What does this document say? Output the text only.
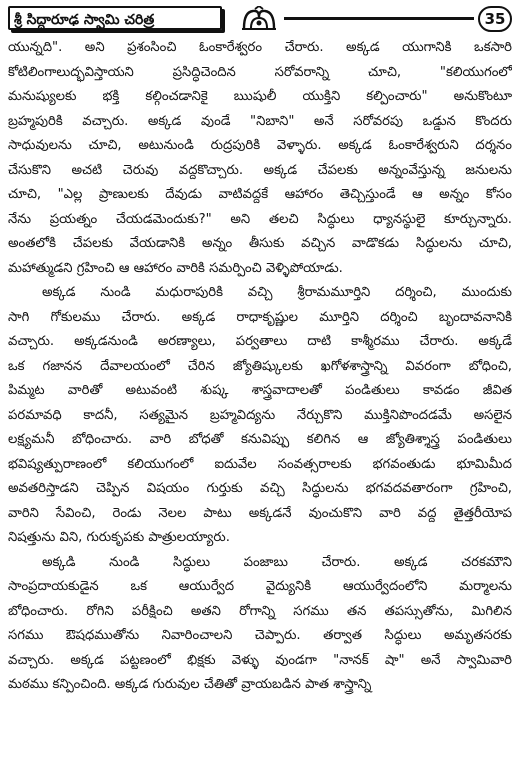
శ్రీ సిద్ధారూఢ స్వామి చరిత్ర	35
యున్నది". అని ప్రశంసించి ఓంకారేశ్వరం చేరారు. అక్కడ యుగానికి ఒకసారి
కోటిలింగాలుద్భవిస్తాయని ప్రసిద్ధిచెందిన సరోవరాన్ని చూచి, "కలియుగంలో
మనుష్యులకు భక్తి కల్గించడానికై ఋషులీ యుక్తిని కల్పించారు" అనుకొంటూ
బ్రహ్మపురికి వచ్చారు. అక్కడ వుండే "నిబాని" అనే సరోవరపు ఒడ్డున కొందరు
సాధువులను చూచి, అటునుండి రుద్రపురికి వెళ్ళారు. అక్కడ ఓంకారేశ్వరుని దర్శనం
చేసుకొని అచటి చెరువు వద్దకొచ్చారు. అక్కడ చేపలకు అన్నంవేస్తున్న జనులను
చూచి, "ఎల్ల ప్రాణులకు దేవుడు వాటివద్దకే ఆహారం తెచ్చిస్తుండే ఆ అన్నం కోసం
నేను ప్రయత్నం చేయడమెందుకు?" అని తలచి సిద్ధులు ధ్యానస్థులై కూర్చున్నారు.
అంతలోకి చేపలకు వేయడానికి అన్నం తీసుకు వచ్చిన వాడొకడు సిద్ధులను చూచి,
మహాత్ముడని గ్రహించి ఆ ఆహారం వారికి సమర్పించి వెళ్ళిపోయాడు.
అక్కడ నుండి మధురాపురికి వచ్చి శ్రీరామమూర్తిని దర్శించి, ముందుకు
సాగి గోకులము చేరారు. అక్కడ రాధాకృష్ణుల మూర్తిని దర్శించి బృందావనానికి
వచ్చారు. అక్కడనుండి అరణ్యాలు, పర్వతాలు దాటి కాశ్మీరము చేరారు. అక్కడే
ఒక గజానన దేవాలయంలో చేరిన జ్యోతిష్కులకు ఖగోళశాస్త్రాన్ని వివరంగా బోధించి,
పిమ్మట వారితో అటువంటి శుష్క శాస్త్రవాదాలతో పండితులు కావడం జీవిత
పరమావధి కాదనీ, సత్యమైన బ్రహ్మవిద్యను నేర్చుకొని ముక్తినిపొందడమే అసలైన
లక్ష్యమనీ బోధించారు. వారి బోధతో కనువిప్పు కలిగిన ఆ జ్యోతిశ్శాస్త్ర పండితులు
భవిష్యత్పురాణంలో కలియుగంలో ఐదువేల సంవత్సరాలకు భగవంతుడు భూమిమీద
అవతరిస్తాడని చెప్పిన విషయం గుర్తుకు వచ్చి సిద్ధులను భగవదవతారంగా గ్రహించి,
వారిని సేవించి, రెండు నెలల పాటు అక్కడనే వుంచుకొని వారి వద్ద తైత్తరీయోప
నిషత్తును విని, గురుకృపకు పాత్రులయ్యారు.
అక్కడి నుండి సిద్ధులు పంజాబు చేరారు. అక్కడ చరకమౌని
సాంప్రదాయకుడైన ఒక ఆయుర్వేద వైద్యునికి ఆయుర్వేదంలోని మర్మాలను
బోధించారు. రోగిని పరీక్షించి అతని రోగాన్ని సగము తన తపస్సుతోను, మిగిలిన
సగము ఔషధముతోను నివారించాలని చెప్పారు. తర్వాత సిద్ధులు అమృతసరకు
వచ్చారు. అక్కడ పట్టణంలో భిక్షకు వెళ్ళు వుండగా "నానక్ షా" అనే స్వామివారి
మఠము కన్పించింది. అక్కడ గురువుల చేతితో వ్రాయబడిన పాత శాస్త్రాన్ని
